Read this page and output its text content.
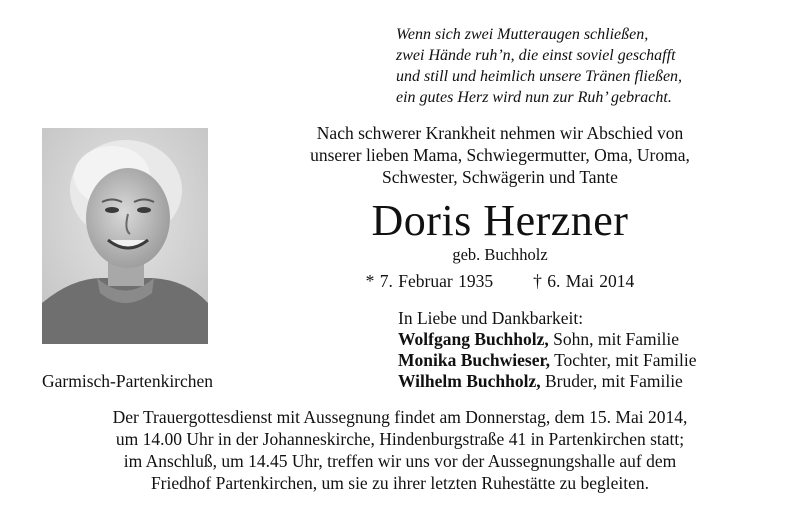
Wenn sich zwei Mutteraugen schließen,
zwei Hände ruh’n, die einst soviel geschafft
und still und heimlich unsere Tränen fließen,
ein gutes Herz wird nun zur Ruh’ gebracht.
Nach schwerer Krankheit nehmen wir Abschied von
unserer lieben Mama, Schwiegermutter, Oma, Uroma,
Schwester, Schwägerin und Tante
Doris Herzner
geb. Buchholz
* 7. Februar 1935 † 6. Mai 2014
In Liebe und Dankbarkeit:
Wolfgang Buchholz, Sohn, mit Familie
Monika Buchwieser, Tochter, mit Familie
Wilhelm Buchholz, Bruder, mit Familie
Garmisch-Partenkirchen
Der Trauergottesdienst mit Aussegnung findet am Donnerstag, dem 15. Mai 2014,
um 14.00 Uhr in der Johanneskirche, Hindenburgstraße 41 in Partenkirchen statt;
im Anschluß, um 14.45 Uhr, treffen wir uns vor der Aussegnungshalle auf dem
Friedhof Partenkirchen, um sie zu ihrer letzten Ruhestätte zu begleiten.
